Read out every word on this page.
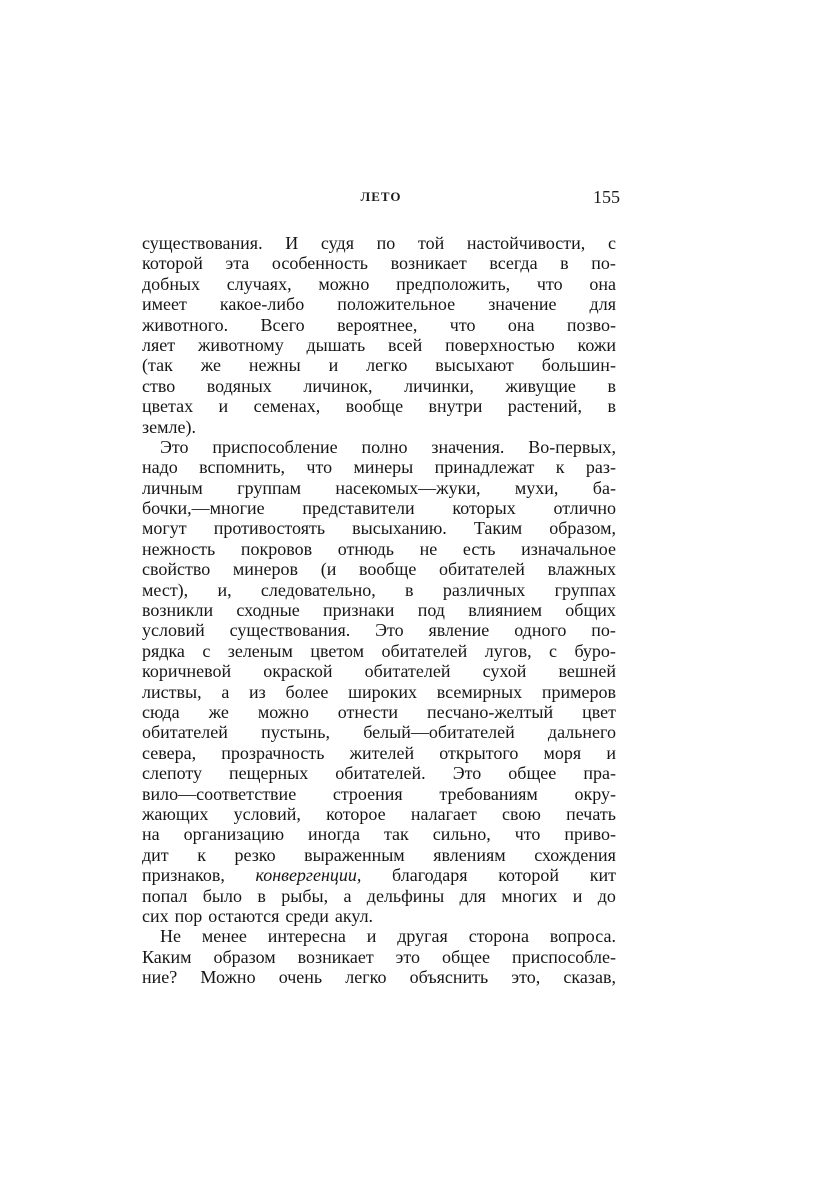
ЛЕТО	155
существования. И судя по той настойчивости, с
которой эта особенность возникает всегда в по-
добных случаях, можно предположить, что она
имеет какое-либо положительное значение для
животного. Всего вероятнее, что она позво-
ляет животному дышать всей поверхностью кожи
(так же нежны и легко высыхают большин-
ство водяных личинок, личинки, живущие в
цветах и семенах, вообще внутри растений, в
земле).
Это приспособление полно значения. Во-первых,
надо вспомнить, что минеры принадлежат к раз-
личным группам насекомых—жуки, мухи, ба-
бочки,—многие представители которых отлично
могут противостоять высыханию. Таким образом,
нежность покровов отнюдь не есть изначальное
свойство минеров (и вообще обитателей влажных
мест), и, следовательно, в различных группах
возникли сходные признаки под влиянием общих
условий существования. Это явление одного по-
рядка с зеленым цветом обитателей лугов, с буро-
коричневой окраской обитателей сухой вешней
листвы, а из более широких всемирных примеров
сюда же можно отнести песчано-желтый цвет
обитателей пустынь, белый—обитателей дальнего
севера, прозрачность жителей открытого моря и
слепоту пещерных обитателей. Это общее пра-
вило—соответствие строения требованиям окру-
жающих условий, которое налагает свою печать
на организацию иногда так сильно, что приво-
дит к резко выраженным явлениям схождения
признаков, конвергенции, благодаря которой кит
попал было в рыбы, а дельфины для многих и до
сих пор остаются среди акул.
Не менее интересна и другая сторона вопроса.
Каким образом возникает это общее приспособле-
ние? Можно очень легко объяснить это, сказав,
